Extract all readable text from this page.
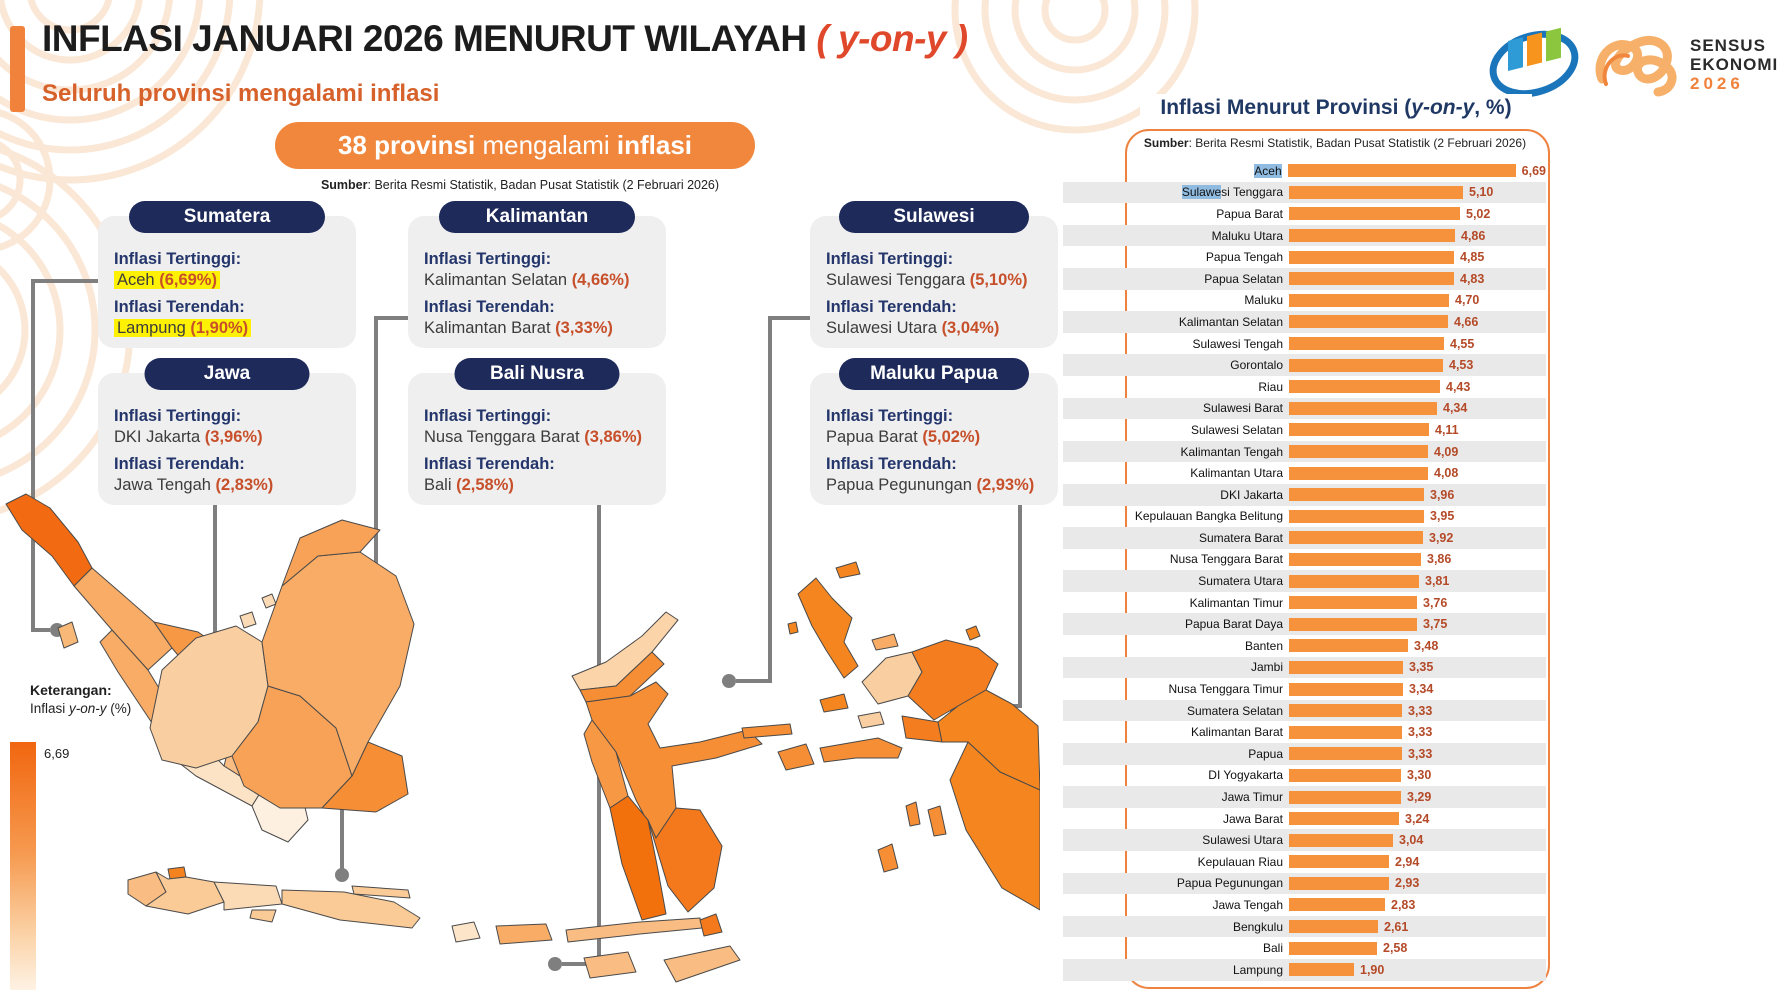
INFLASI JANUARI 2026 MENURUT WILAYAH ( y-on-y )
Seluruh provinsi mengalami inflasi
SENSUS
EKONOMI
2026
38 provinsi mengalami inflasi
Sumber: Berita Resmi Statistik, Badan Pusat Statistik (2 Februari 2026)
Sumatera
Inflasi Tertinggi:
Aceh (6,69%)
Inflasi Terendah:
Lampung (1,90%)
Kalimantan
Inflasi Tertinggi:
Kalimantan Selatan (4,66%)
Inflasi Terendah:
Kalimantan Barat (3,33%)
Sulawesi
Inflasi Tertinggi:
Sulawesi Tenggara (5,10%)
Inflasi Terendah:
Sulawesi Utara (3,04%)
Jawa
Inflasi Tertinggi:
DKI Jakarta (3,96%)
Inflasi Terendah:
Jawa Tengah (2,83%)
Bali Nusra
Inflasi Tertinggi:
Nusa Tenggara Barat (3,86%)
Inflasi Terendah:
Bali (2,58%)
Maluku Papua
Inflasi Tertinggi:
Papua Barat (5,02%)
Inflasi Terendah:
Papua Pegunungan (2,93%)
Keterangan:
Inflasi y-on-y (%)
6,69
Inflasi Menurut Provinsi (y-on-y, %)
Sumber: Berita Resmi Statistik, Badan Pusat Statistik (2 Februari 2026)
Aceh	6,69
Sulawesi Tenggara	5,10
Papua Barat	5,02
Maluku Utara	4,86
Papua Tengah	4,85
Papua Selatan	4,83
Maluku	4,70
Kalimantan Selatan	4,66
Sulawesi Tengah	4,55
Gorontalo	4,53
Riau	4,43
Sulawesi Barat	4,34
Sulawesi Selatan	4,11
Kalimantan Tengah	4,09
Kalimantan Utara	4,08
DKI Jakarta	3,96
Kepulauan Bangka Belitung	3,95
Sumatera Barat	3,92
Nusa Tenggara Barat	3,86
Sumatera Utara	3,81
Kalimantan Timur	3,76
Papua Barat Daya	3,75
Banten	3,48
Jambi	3,35
Nusa Tenggara Timur	3,34
Sumatera Selatan	3,33
Kalimantan Barat	3,33
Papua	3,33
DI Yogyakarta	3,30
Jawa Timur	3,29
Jawa Barat	3,24
Sulawesi Utara	3,04
Kepulauan Riau	2,94
Papua Pegunungan	2,93
Jawa Tengah	2,83
Bengkulu	2,61
Bali	2,58
Lampung	1,90
